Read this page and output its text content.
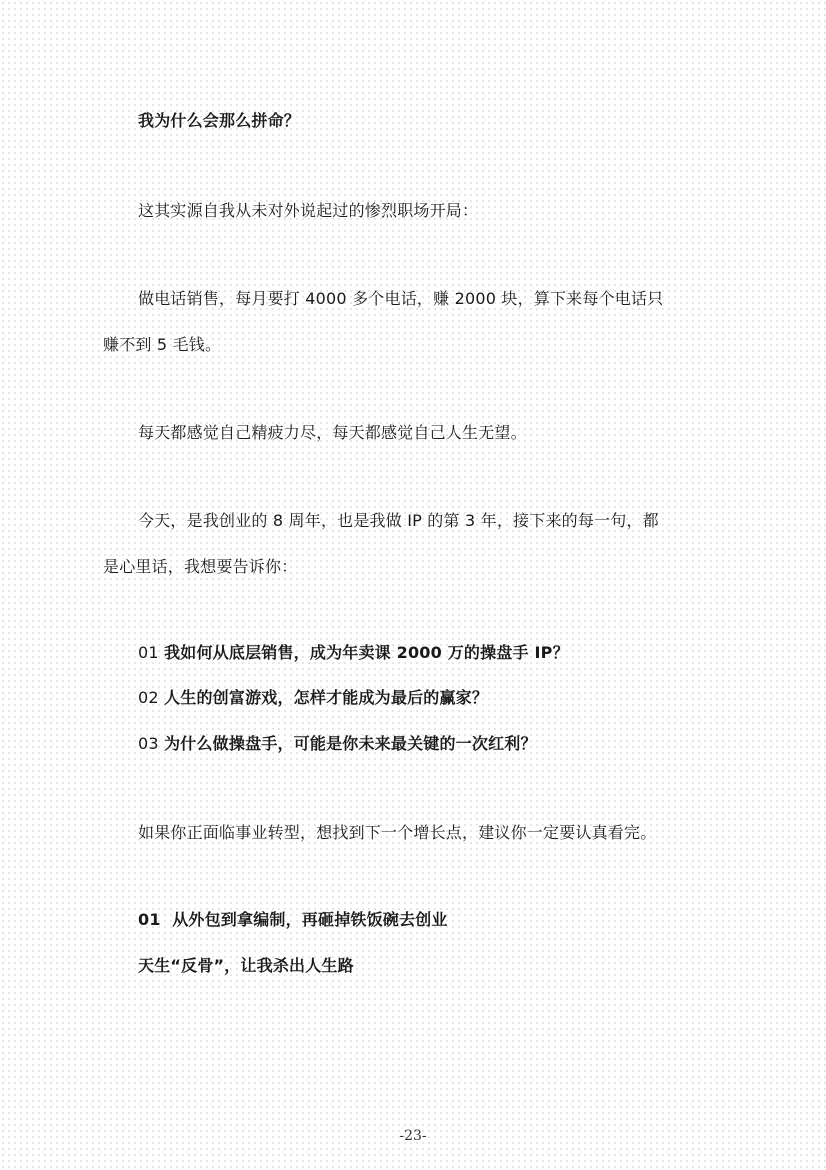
我为什么会那么拼命？
这其实源自我从未对外说起过的惨烈职场开局：
做电话销售，每月要打 4000 多个电话，赚 2000 块，算下来每个电话只
赚不到 5 毛钱。
每天都感觉自己精疲力尽，每天都感觉自己人生无望。
今天，是我创业的 8 周年，也是我做 IP 的第 3 年，接下来的每一句，都
是心里话，我想要告诉你：
01 我如何从底层销售，成为年卖课 2000 万的操盘手 IP？
02 人生的创富游戏，怎样才能成为最后的赢家？
03 为什么做操盘手，可能是你未来最关键的一次红利？
如果你正面临事业转型，想找到下一个增长点，建议你一定要认真看完。
01  从外包到拿编制，再砸掉铁饭碗去创业
天生“反骨”，让我杀出人生路
-23-
